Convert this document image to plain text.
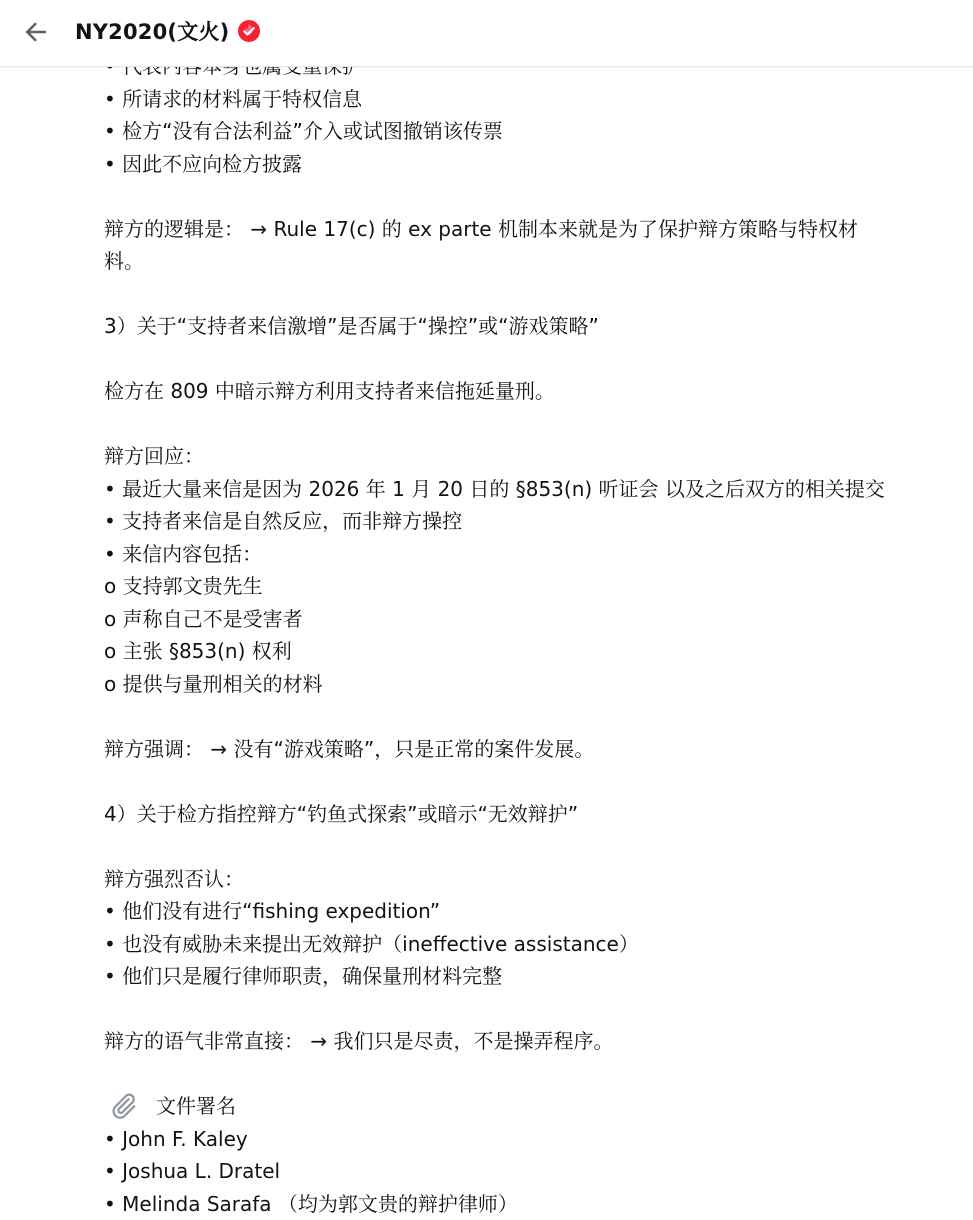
NY2020(文火)
• 所请求的材料属于特权信息
• 检方“没有合法利益”介入或试图撤销该传票
• 因此不应向检方披露
辩方的逻辑是： → Rule 17(c) 的 ex parte 机制本来就是为了保护辩方策略与特权材
料。
3）关于“支持者来信激增”是否属于“操控”或“游戏策略”
检方在 809 中暗示辩方利用支持者来信拖延量刑。
辩方回应：
• 最近大量来信是因为 2026 年 1 月 20 日的 §853(n) 听证会 以及之后双方的相关提交
• 支持者来信是自然反应，而非辩方操控
• 来信内容包括：
o 支持郭文贵先生
o 声称自己不是受害者
o 主张 §853(n) 权利
o 提供与量刑相关的材料
辩方强调： → 没有“游戏策略”，只是正常的案件发展。
4）关于检方指控辩方“钓鱼式探索”或暗示“无效辩护”
辩方强烈否认：
• 他们没有进行“fishing expedition”
• 也没有威胁未来提出无效辩护（ineffective assistance）
• 他们只是履行律师职责，确保量刑材料完整
辩方的语气非常直接： → 我们只是尽责，不是操弄程序。
文件署名
• John F. Kaley
• Joshua L. Dratel
• Melinda Sarafa （均为郭文贵的辩护律师）
